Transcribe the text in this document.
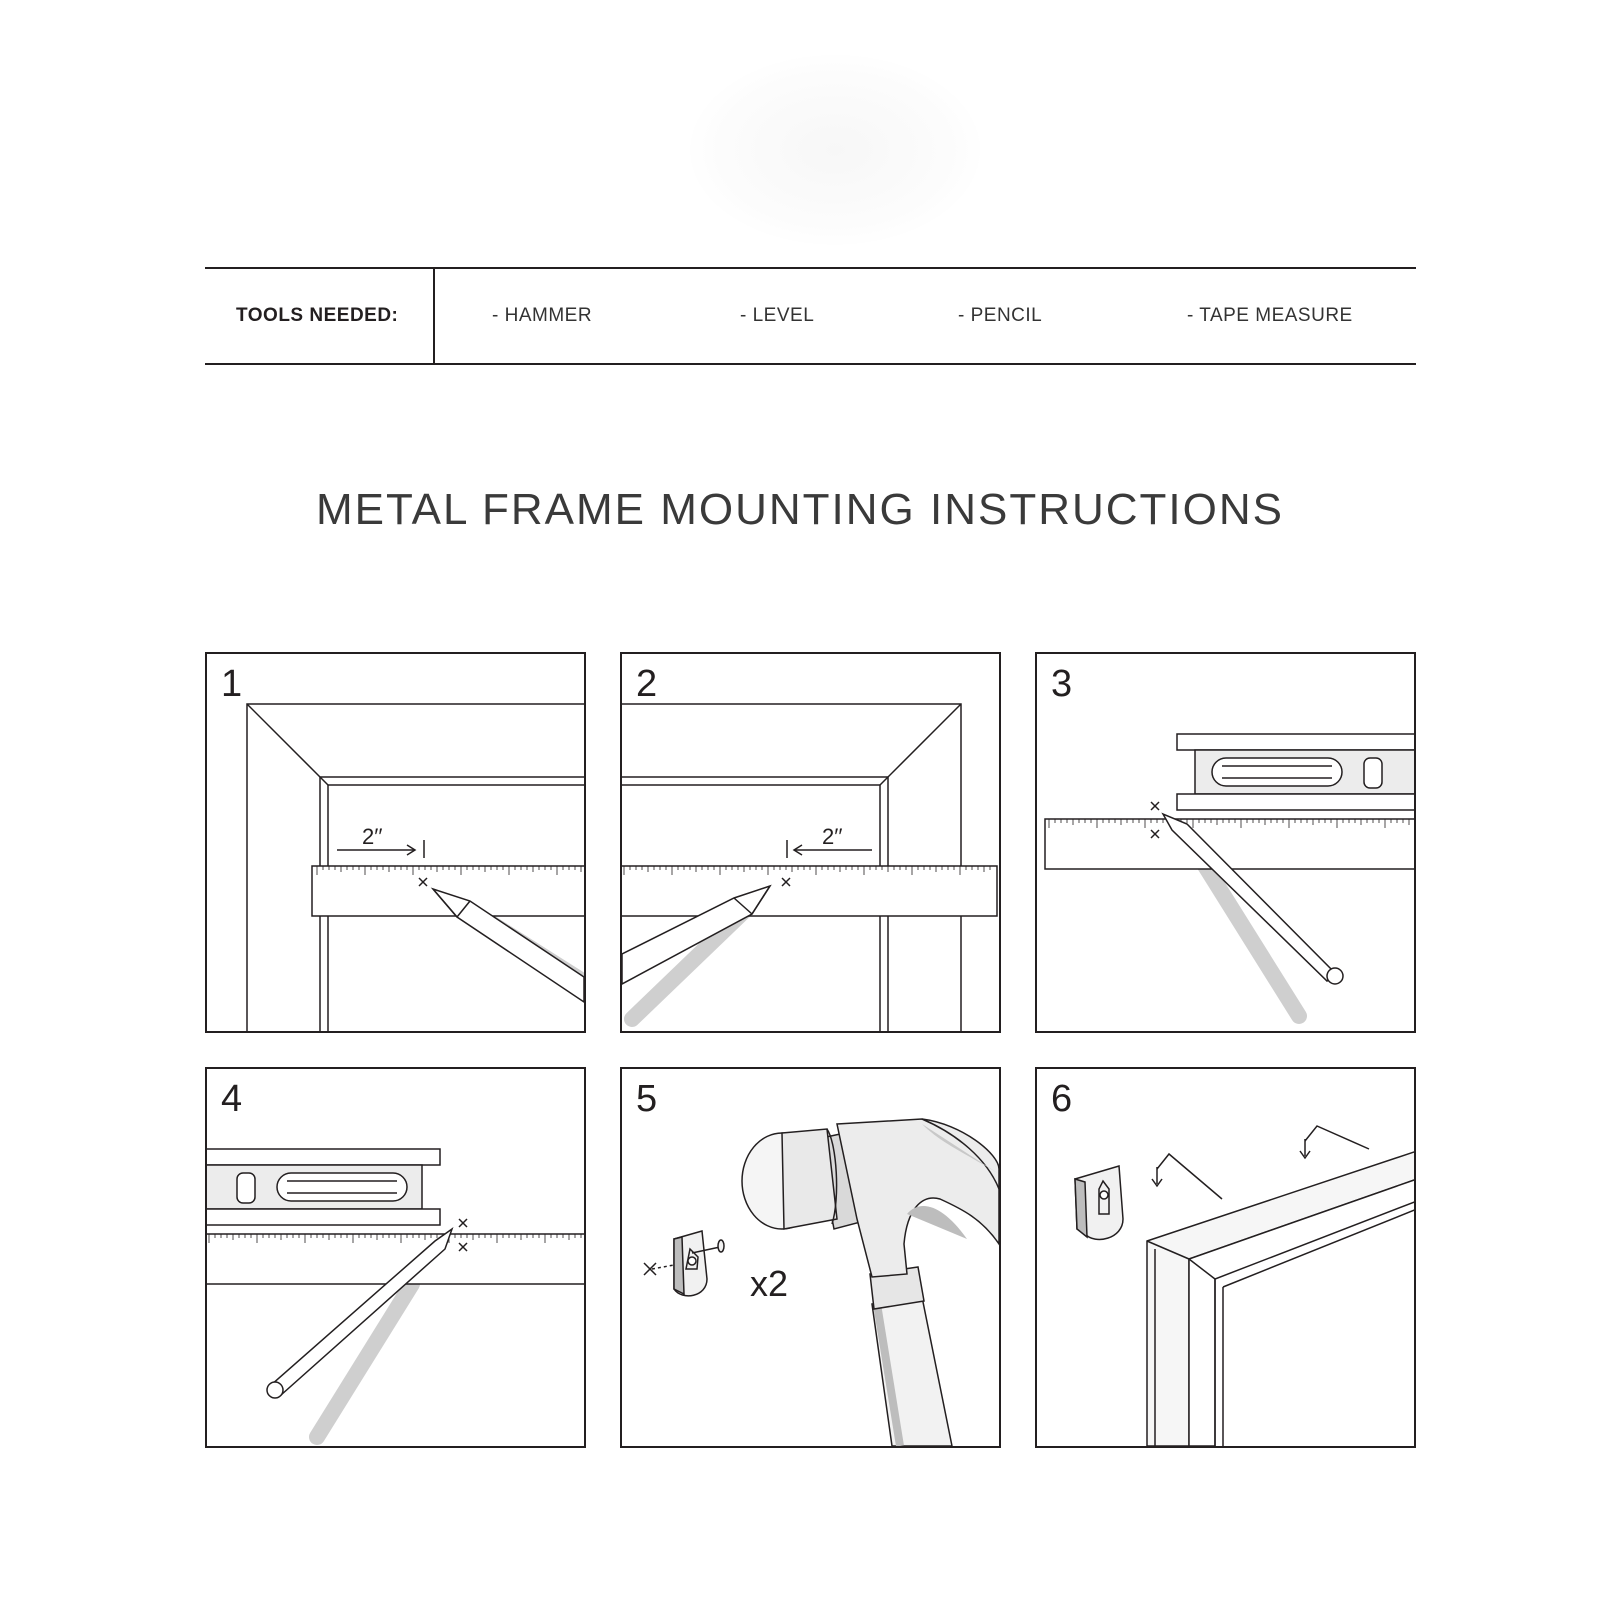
TOOLS NEEDED:	- HAMMER	- LEVEL	- PENCIL	- TAPE MEASURE
METAL FRAME MOUNTING INSTRUCTIONS
1
2′′
2
2′′
3
4	5
x2
6
